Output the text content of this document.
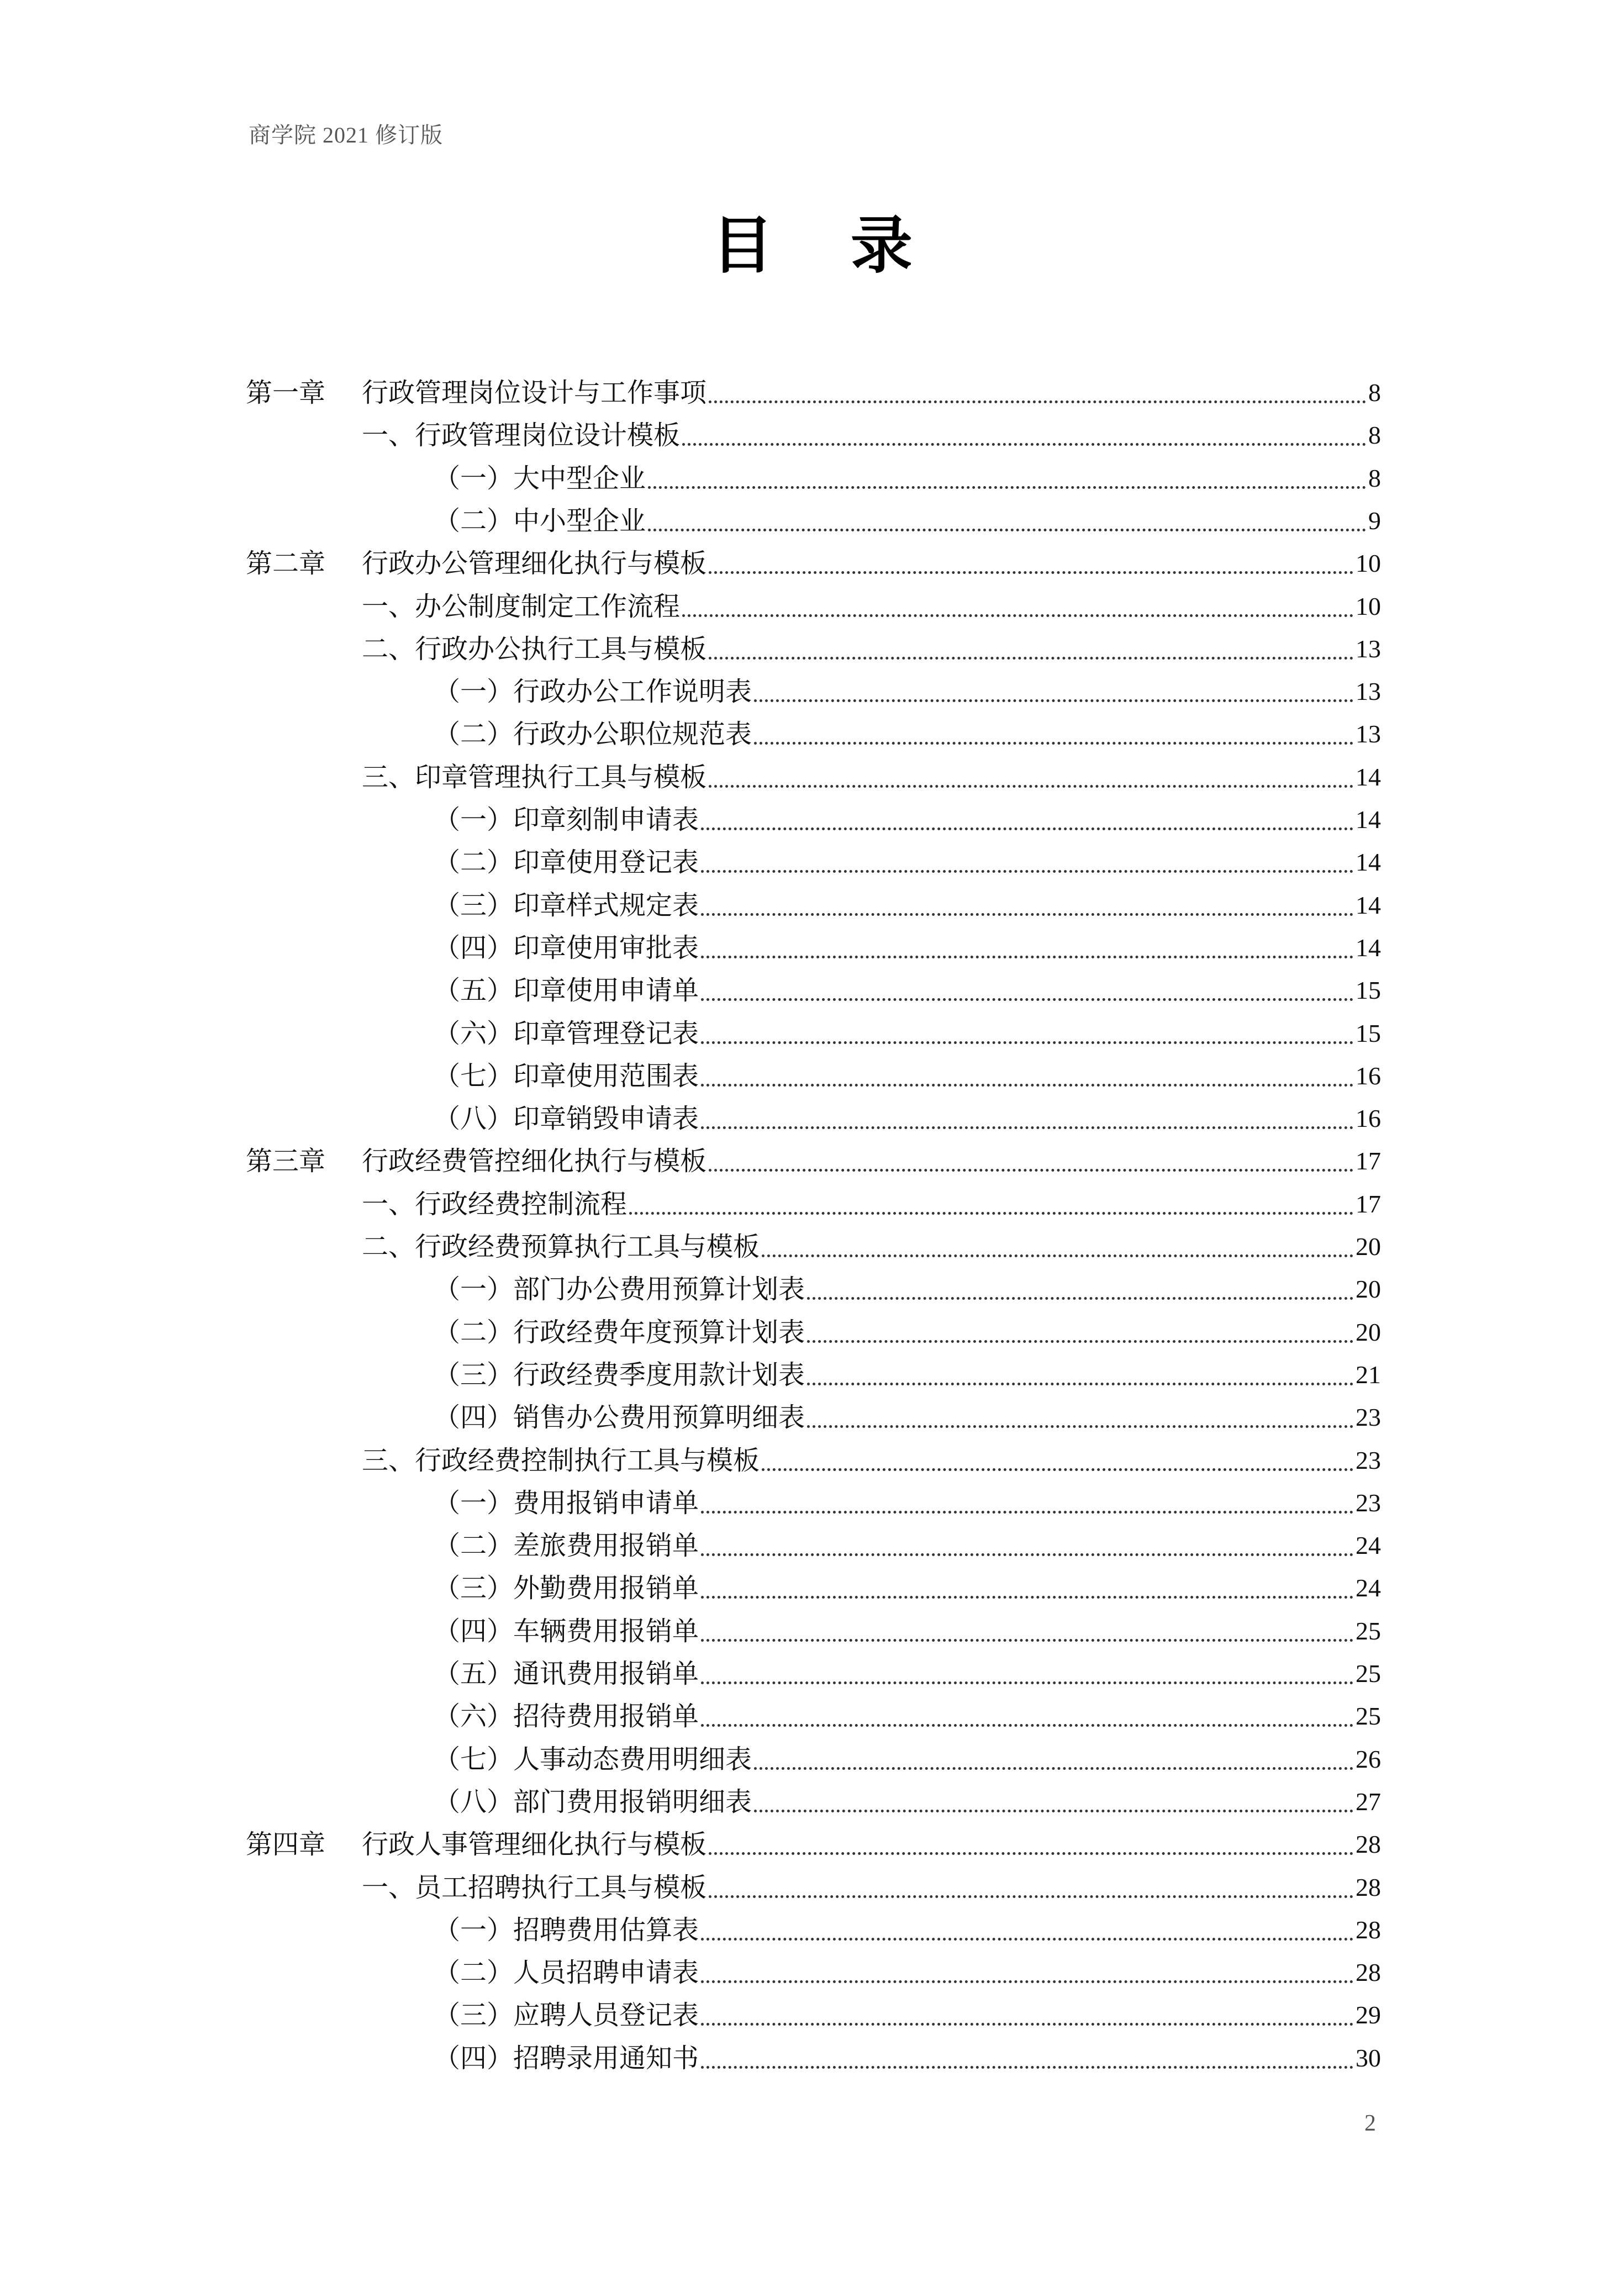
商学院 2021 修订版
目 录
第一章	行政管理岗位设计与工作事项	8
一、行政管理岗位设计模板	8
（一）大中型企业	8
（二）中小型企业	9
第二章	行政办公管理细化执行与模板	10
一、办公制度制定工作流程	10
二、行政办公执行工具与模板	13
（一）行政办公工作说明表	13
（二）行政办公职位规范表	13
三、印章管理执行工具与模板	14
（一）印章刻制申请表	14
（二）印章使用登记表	14
（三）印章样式规定表	14
（四）印章使用审批表	14
（五）印章使用申请单	15
（六）印章管理登记表	15
（七）印章使用范围表	16
（八）印章销毁申请表	16
第三章	行政经费管控细化执行与模板	17
一、行政经费控制流程	17
二、行政经费预算执行工具与模板	20
（一）部门办公费用预算计划表	20
（二）行政经费年度预算计划表	20
（三）行政经费季度用款计划表	21
（四）销售办公费用预算明细表	23
三、行政经费控制执行工具与模板	23
（一）费用报销申请单	23
（二）差旅费用报销单	24
（三）外勤费用报销单	24
（四）车辆费用报销单	25
（五）通讯费用报销单	25
（六）招待费用报销单	25
（七）人事动态费用明细表	26
（八）部门费用报销明细表	27
第四章	行政人事管理细化执行与模板	28
一、员工招聘执行工具与模板	28
（一）招聘费用估算表	28
（二）人员招聘申请表	28
（三）应聘人员登记表	29
（四）招聘录用通知书	30
2
